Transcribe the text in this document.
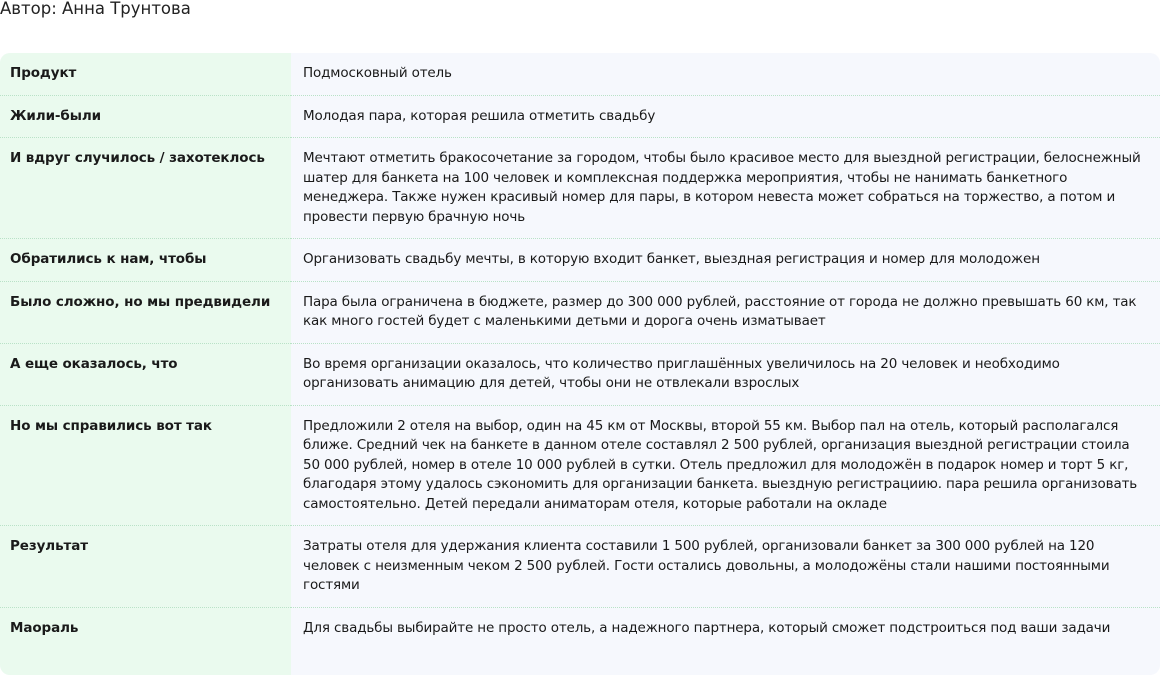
Автор: Анна Трунтова
Продукт	Подмосковный отель
Жили-были	Молодая пара, которая решила отметить свадьбу
И вдруг случилось / захотеклось	Мечтают отметить бракосочетание за городом, чтобы было красивое место для выездной регистрации, белоснежный шатер для банкета на 100 человек и комплексная поддержка мероприятия, чтобы не нанимать банкетного менеджера. Также нужен красивый номер для пары, в котором невеста может собраться на торжество, а потом и провести первую брачную ночь
Обратились к нам, чтобы	Организовать свадьбу мечты, в которую входит банкет, выездная регистрация и номер для молодожен
Было сложно, но мы предвидели	Пара была ограничена в бюджете, размер до 300 000 рублей, расстояние от города не должно превышать 60 км, так как много гостей будет с маленькими детьми и дорога очень изматывает
А еще оказалось, что	Во время организации оказалось, что количество приглашённых увеличилось на 20 человек и необходимо организовать анимацию для детей, чтобы они не отвлекали взрослых
Но мы справились вот так	Предложили 2 отеля на выбор, один на 45 км от Москвы, второй 55 км. Выбор пал на отель, который располагался ближе. Средний чек на банкете в данном отеле составлял 2 500 рублей, организация выездной регистрации стоила 50 000 рублей, номер в отеле 10 000 рублей в сутки. Отель предложил для молодожён в подарок номер и торт 5 кг, благодаря этому удалось сэкономить для организации банкета. выездную регистрациию. пара решила организовать самостоятельно. Детей передали аниматорам отеля, которые работали на окладе
Результат	Затраты отеля для удержания клиента составили 1 500 рублей, организовали банкет за 300 000 рублей на 120 человек с неизменным чеком 2 500 рублей. Гости остались довольны, а молодожёны стали нашими постоянными гостями
Маораль	Для свадьбы выбирайте не просто отель, а надежного партнера, который сможет подстроиться под ваши задачи
